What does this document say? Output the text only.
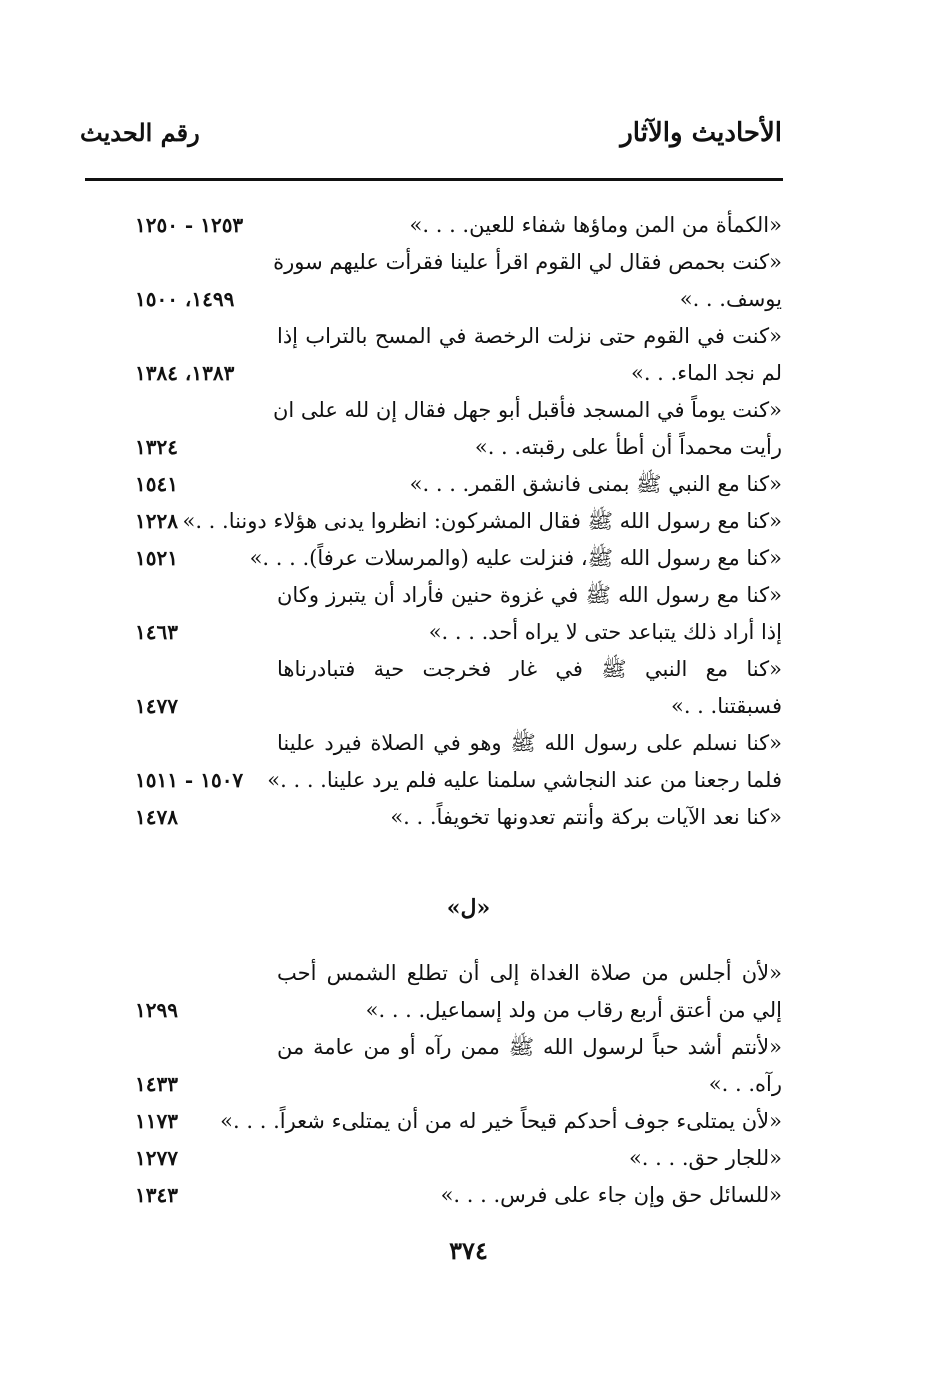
الأحاديث والآثار
رقم الحديث
«الكمأة من المن وماؤها شفاء للعين. . . .»
١٢٥٣ - ١٢٥٠
«كنت بحمص فقال لي القوم اقرأ علينا فقرأت عليهم سورة
يوسف. . .»
١٤٩٩، ١٥٠٠
«كنت في القوم حتى نزلت الرخصة في المسح بالتراب إذا
لم نجد الماء. . .»
١٣٨٣، ١٣٨٤
«كنت يوماً في المسجد فأقبل أبو جهل فقال إن لله على ان
رأيت محمداً أن أطأ على رقبته. . .»
١٣٢٤
«كنا مع النبي ﷺ بمنى فانشق القمر. . . .»
١٥٤١
«كنا مع رسول الله ﷺ فقال المشركون: انظروا يدنى هؤلاء دوننا. . .»
١٢٢٨
«كنا مع رسول الله ﷺ، فنزلت عليه (والمرسلات عرفاً). . . .»
١٥٢١
«كنا مع رسول الله ﷺ في غزوة حنين فأراد أن يتبرز وكان
إذا أراد ذلك يتباعد حتى لا يراه أحد. . . .»
١٤٦٣
«كنا مع النبي ﷺ في غار فخرجت حية فتبادرناها
فسبقتنا. . .»
١٤٧٧
«كنا نسلم على رسول الله ﷺ وهو في الصلاة فيرد علينا
فلما رجعنا من عند النجاشي سلمنا عليه فلم يرد علينا. . . .»
١٥٠٧ - ١٥١١
«كنا نعد الآيات بركة وأنتم تعدونها تخويفاً. . .»
١٤٧٨
«ل»
«لأن أجلس من صلاة الغداة إلى أن تطلع الشمس أحب
إلي من أعتق أربع رقاب من ولد إسماعيل. . . .»
١٢٩٩
«لأنتم أشد حباً لرسول الله ﷺ ممن رآه أو من عامة من
رآه. . .»
١٤٣٣
«لأن يمتلىء جوف أحدكم قيحاً خير له من أن يمتلىء شعراً. . . .»
١١٧٣
«للجار حق. . . .»
١٢٧٧
«للسائل حق وإن جاء على فرس. . . .»
١٣٤٣
٣٧٤
